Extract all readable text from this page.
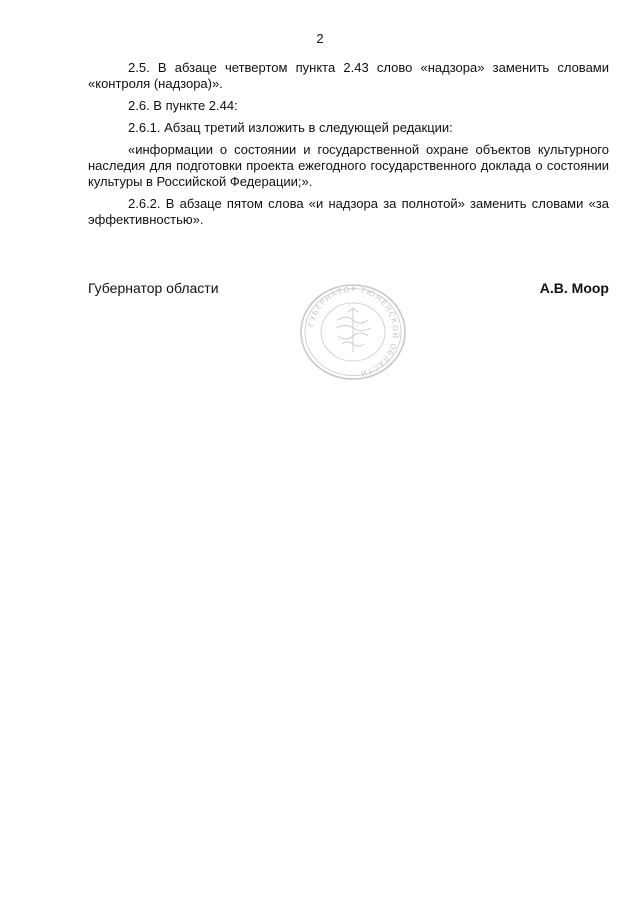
2

2.5. В абзаце четвертом пункта 2.43 слово «надзора» заменить словами «контроля (надзора)».

2.6. В пункте 2.44:

2.6.1. Абзац третий изложить в следующей редакции:

«информации о состоянии и государственной охране объектов культурного наследия для подготовки проекта ежегодного государственного доклада о состоянии культуры в Российской Федерации;».

2.6.2. В абзаце пятом слова «и надзора за полнотой» заменить словами «за эффективностью».

Губернатор области	А.В. Моор
ГУБЕРНАТОР ТЮМЕНСКОЙ ОБЛАСТИ
